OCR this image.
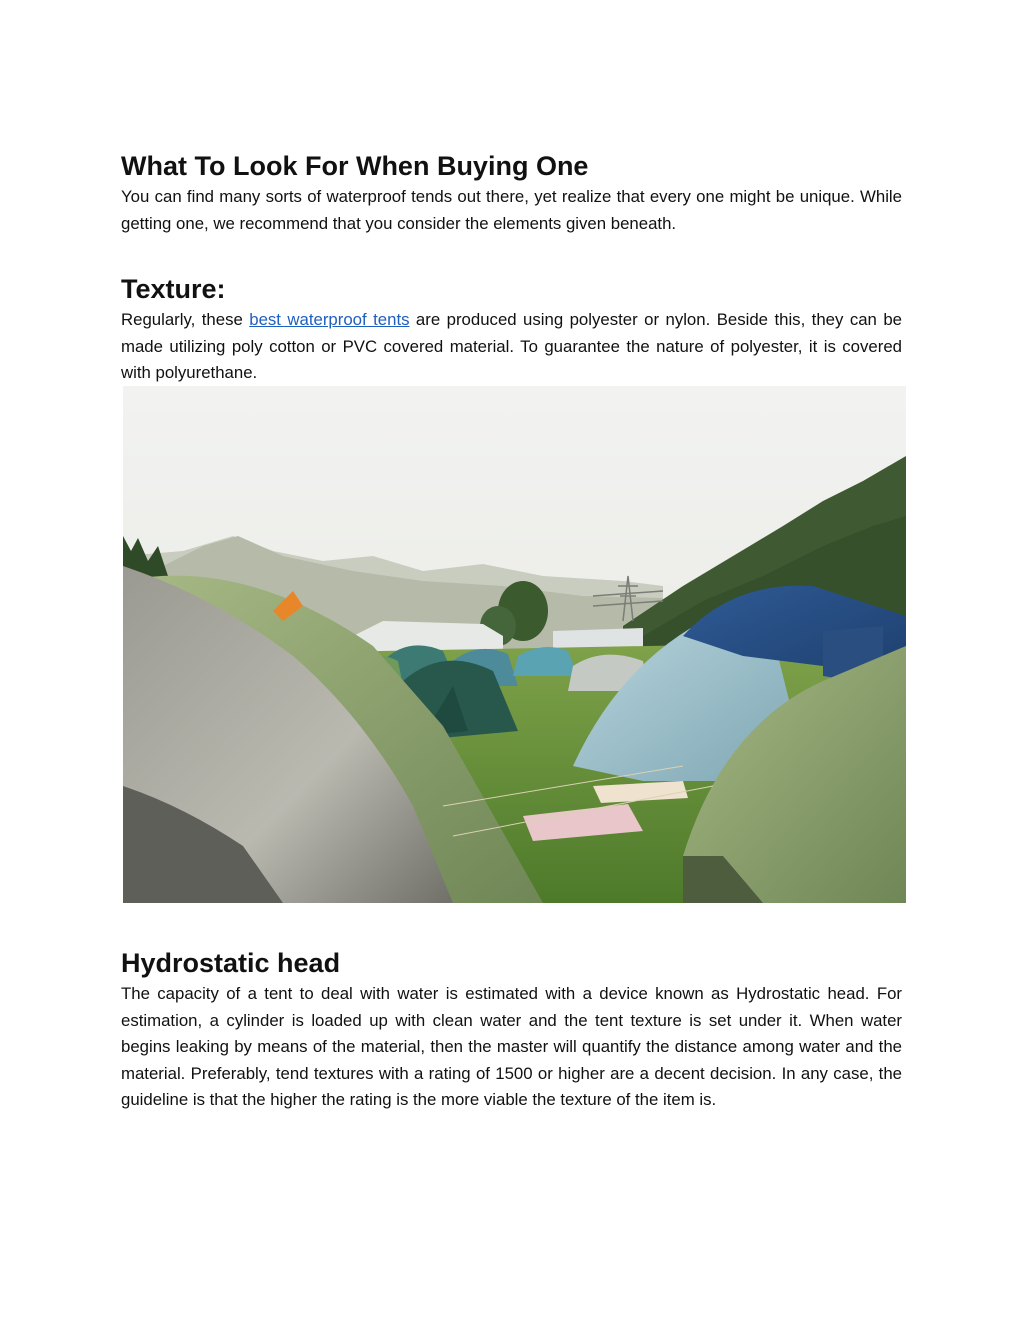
What To Look For When Buying One

You can find many sorts of waterproof tends out there, yet realize that every one might be unique. While getting one, we recommend that you consider the elements given beneath.

Texture:

Regularly, these best waterproof tents are produced using polyester or nylon. Beside this, they can be made utilizing poly cotton or PVC covered material. To guarantee the nature of polyester, it is covered with polyurethane.

Hydrostatic head

The capacity of a tent to deal with water is estimated with a device known as Hydrostatic head. For estimation, a cylinder is loaded up with clean water and the tent texture is set under it. When water begins leaking by means of the material, then the master will quantify the distance among water and the material. Preferably, tend textures with a rating of 1500 or higher are a decent decision. In any case, the guideline is that the higher the rating is the more viable the texture of the item is.
